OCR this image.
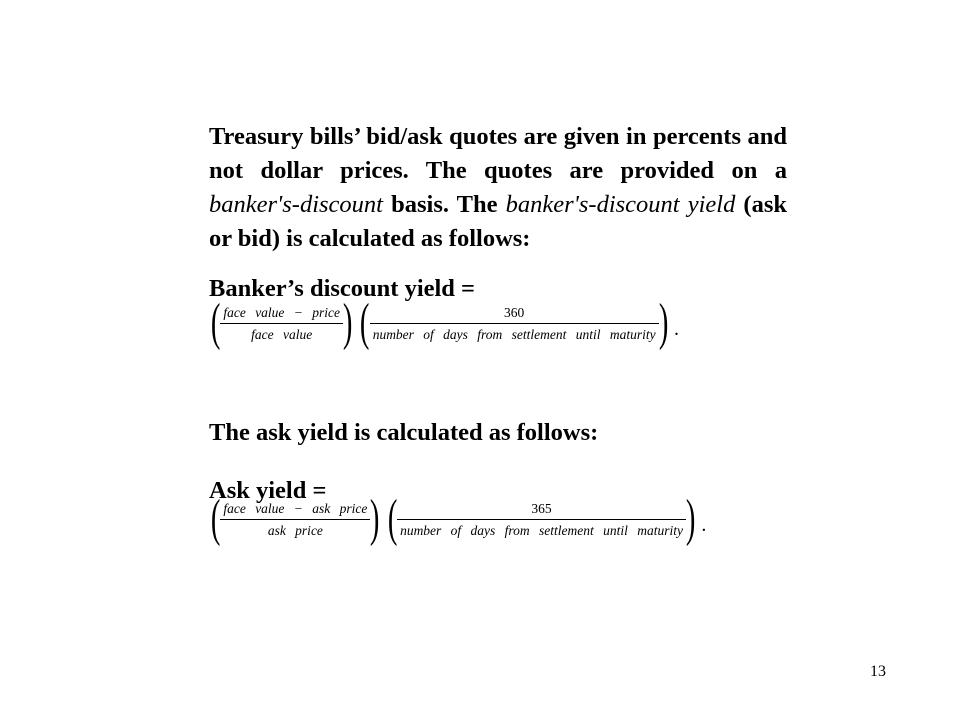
Treasury bills’ bid/ask quotes are given in percents and not dollar prices. The quotes are provided on a banker's-discount basis. The banker's-discount yield (ask or bid) is calculated as follows:
Banker’s discount yield =
(
$\frac{\text{face value − price}}{\text{face value}}$
) (
$\frac{360}{\text{number of days from settlement until maturity}}$
) .
The ask yield is calculated as follows:
Ask yield =
(
$\frac{\text{face value − ask price}}{\text{ask price}}$
) (
$\frac{365}{\text{number of days from settlement until maturity}}$
) .
13
